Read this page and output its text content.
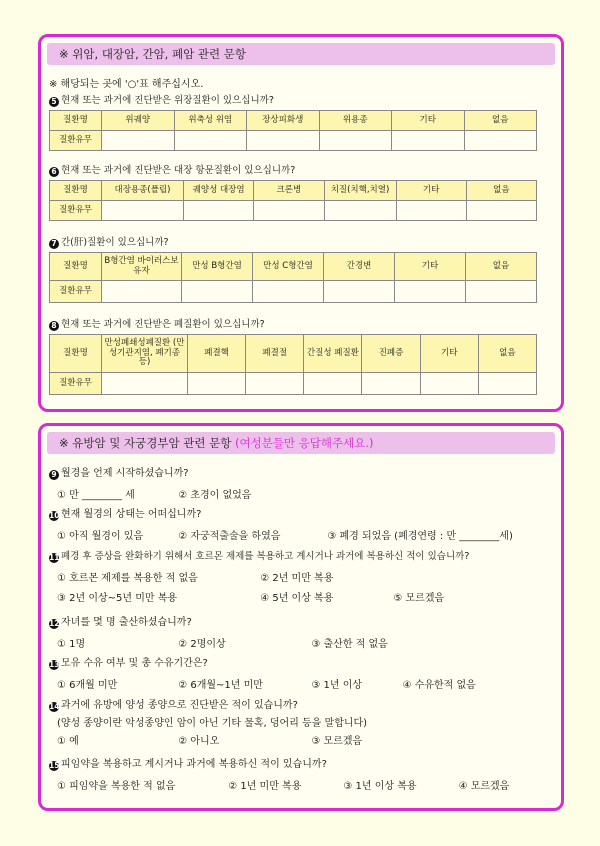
※ 위암, 대장암, 간암, 폐암 관련 문항

※ 해당되는 곳에 '○'표 해주십시오.

5 현재 또는 과거에 진단받은 위장질환이 있으십니까?

질환명	위궤양	위축성 위염	장상피화생	위용종	기타	없음
질환유무						

6 현재 또는 과거에 진단받은 대장 항문질환이 있으십니까?

질환명	대장용종(폴립)	궤양성 대장염	크론병	치질(치핵,치열)	기타	없음
질환유무						

7 간(肝)질환이 있으십니까?

질환명	B형간염 바이러스보유자	만성 B형간염	만성 C형간염	간경변	기타	없음
질환유무						

8 현재 또는 과거에 진단받은 폐질환이 있으십니까?

질환명	만성폐쇄성폐질환 (만성기관지염, 폐기종 등)	폐결핵	폐결절	간질성 폐질환	진폐증	기타	없음
질환유무							
※ 유방암 및 자궁경부암 관련 문항 (여성분들만 응답해주세요.)

9 월경을 언제 시작하셨습니까?

① 만 ________ 세	② 초경이 없었음

10 현재 월경의 상태는 어떠십니까?

① 아직 월경이 있음	② 자궁적출술을 하였음	③ 폐경 되었음 (폐경연령 : 만 ________세)

11 폐경 후 증상을 완화하기 위해서 호르몬 제제를 복용하고 계시거나 과거에 복용하신 적이 있습니까?

① 호르몬 제제를 복용한 적 없음	② 2년 미만 복용
③ 2년 이상~5년 미만 복용	④ 5년 이상 복용	⑤ 모르겠음

12 자녀를 몇 명 출산하셨습니까?

① 1명	② 2명이상	③ 출산한 적 없음

13 모유 수유 여부 및 총 수유기간은?

① 6개월 미만	② 6개월~1년 미만	③ 1년 이상	④ 수유한적 없음

14 과거에 유방에 양성 종양으로 진단받은 적이 있습니까?

(양성 종양이란 악성종양인 암이 아닌 기타 물혹, 덩어리 등을 말합니다)

① 예	② 아니오	③ 모르겠음

15 피임약을 복용하고 계시거나 과거에 복용하신 적이 있습니까?

① 피임약을 복용한 적 없음	② 1년 미만 복용	③ 1년 이상 복용	④ 모르겠음
